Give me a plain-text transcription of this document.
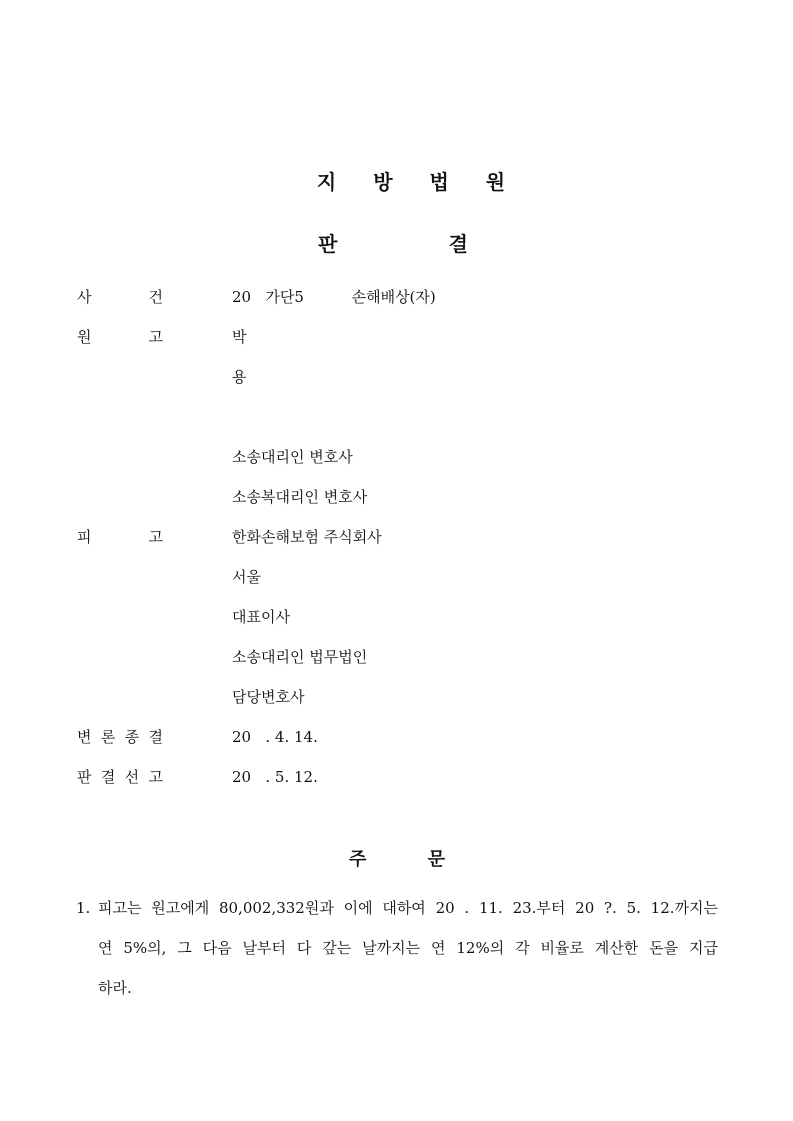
지 방 법 원
판	결
사	건	20   가단5          손해배상(자)
원	고	박
용
소송대리인 변호사
소송복대리인 변호사
피	고	한화손해보험 주식회사
서울
대표이사
소송대리인 법무법인
담당변호사
변 론 종 결	20   . 4. 14.
판 결 선 고	20   . 5. 12.
주	문
1. 피고는 원고에게 80,002,332원과 이에 대하여 20 . 11. 23.부터 20 ?. 5. 12.까지는
연 5%의, 그 다음 날부터 다 갚는 날까지는 연 12%의 각 비율로 계산한 돈을 지급
하라.
